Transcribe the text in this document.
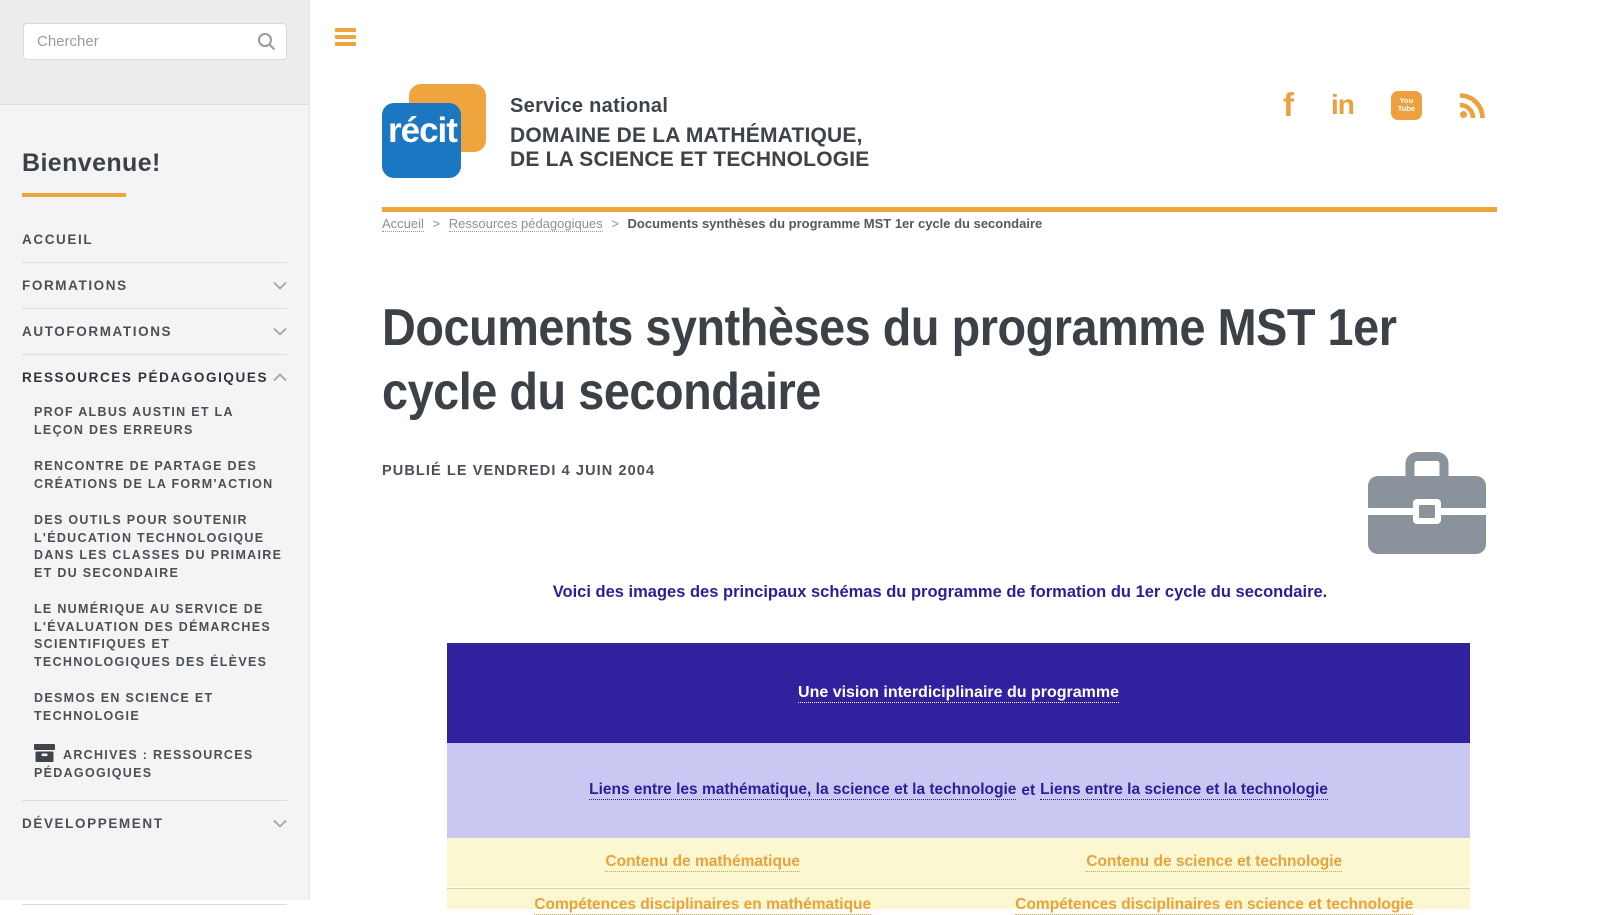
Chercher
Bienvenue!
ACCUEIL
FORMATIONS
AUTOFORMATIONS
RESSOURCES PÉDAGOGIQUES
PROF ALBUS AUSTIN ET LA LEÇON DES ERREURS
RENCONTRE DE PARTAGE DES CRÉATIONS DE LA FORM'ACTION
DES OUTILS POUR SOUTENIR L'ÉDUCATION TECHNOLOGIQUE DANS LES CLASSES DU PRIMAIRE ET DU SECONDAIRE
LE NUMÉRIQUE AU SERVICE DE L'ÉVALUATION DES DÉMARCHES SCIENTIFIQUES ET TECHNOLOGIQUES DES ÉLÈVES
DESMOS EN SCIENCE ET TECHNOLOGIE
ARCHIVES : RESSOURCES PÉDAGOGIQUES
DÉVELOPPEMENT
récit
Service national
DOMAINE DE LA MATHÉMATIQUE,
DE LA SCIENCE ET TECHNOLOGIE
f in	You
Tube
Accueil > Ressources pédagogiques > Documents synthèses du programme MST 1er cycle du secondaire
Documents synthèses du programme MST 1er
cycle du secondaire
PUBLIÉ LE VENDREDI 4 JUIN 2004
Voici des images des principaux schémas du programme de formation du 1er cycle du secondaire.
Une vision interdiciplinaire du programme
Liens entre les mathématique, la science et la technologie et Liens entre la science et la technologie
Contenu de mathématique	Contenu de science et technologie
Compétences disciplinaires en mathématique	Compétences disciplinaires en science et technologie
